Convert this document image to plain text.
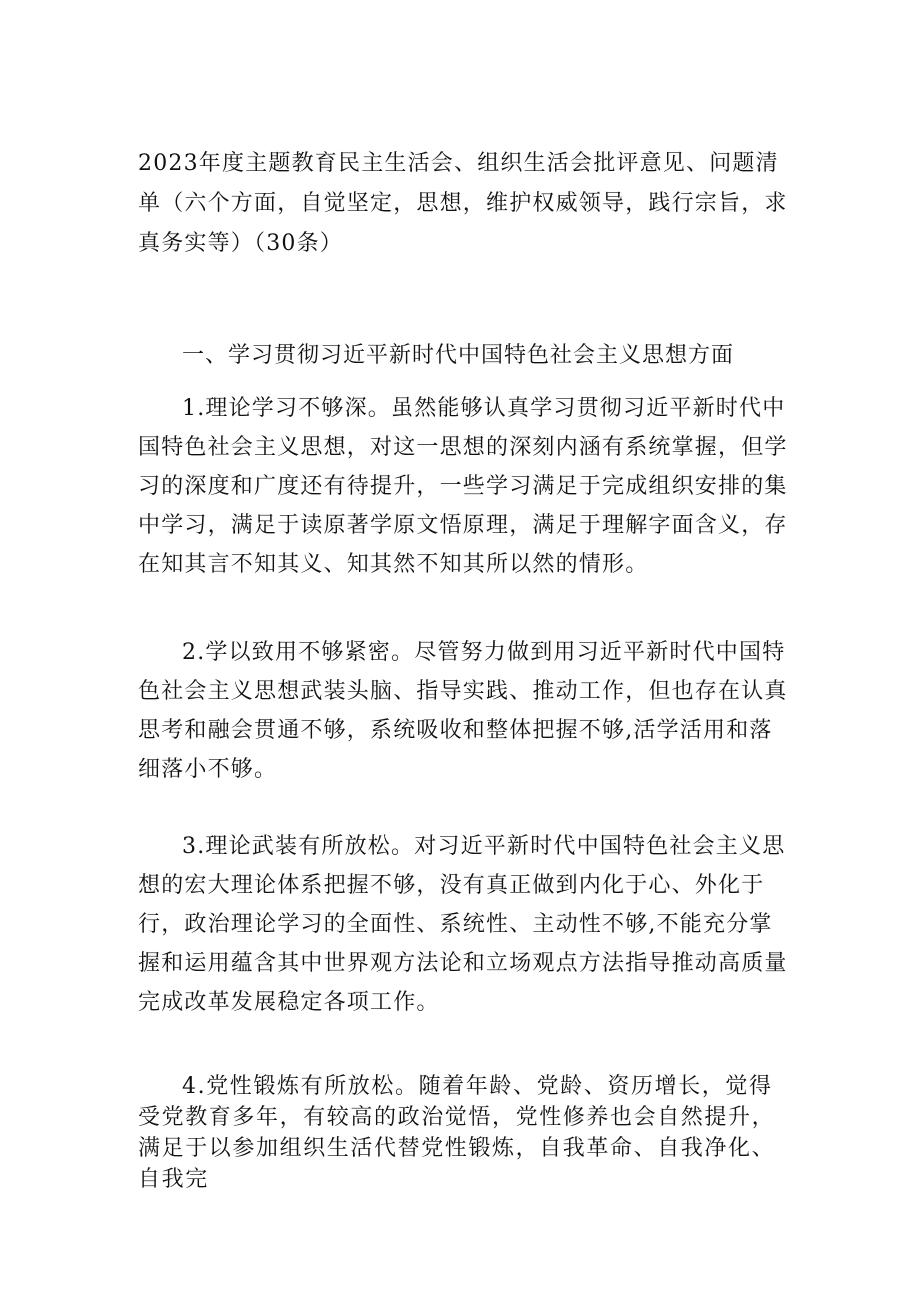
2023年度主题教育民主生活会、组织生活会批评意见、问题清单（六个方面，自觉坚定，思想，维护权威领导，践行宗旨，求真务实等）（30条）
一、学习贯彻习近平新时代中国特色社会主义思想方面

1.理论学习不够深。虽然能够认真学习贯彻习近平新时代中国特色社会主义思想，对这一思想的深刻内涵有系统掌握，但学习的深度和广度还有待提升，一些学习满足于完成组织安排的集中学习，满足于读原著学原文悟原理，满足于理解字面含义，存在知其言不知其义、知其然不知其所以然的情形。

2.学以致用不够紧密。尽管努力做到用习近平新时代中国特色社会主义思想武装头脑、指导实践、推动工作，但也存在认真思考和融会贯通不够，系统吸收和整体把握不够,活学活用和落细落小不够。

3.理论武装有所放松。对习近平新时代中国特色社会主义思想的宏大理论体系把握不够，没有真正做到内化于心、外化于行，政治理论学习的全面性、系统性、主动性不够,不能充分掌握和运用蕴含其中世界观方法论和立场观点方法指导推动高质量完成改革发展稳定各项工作。

4.党性锻炼有所放松。随着年龄、党龄、资历增长，觉得受党教育多年，有较高的政治觉悟，党性修养也会自然提升，满足于以参加组织生活代替党性锻炼，自我革命、自我净化、自我完
